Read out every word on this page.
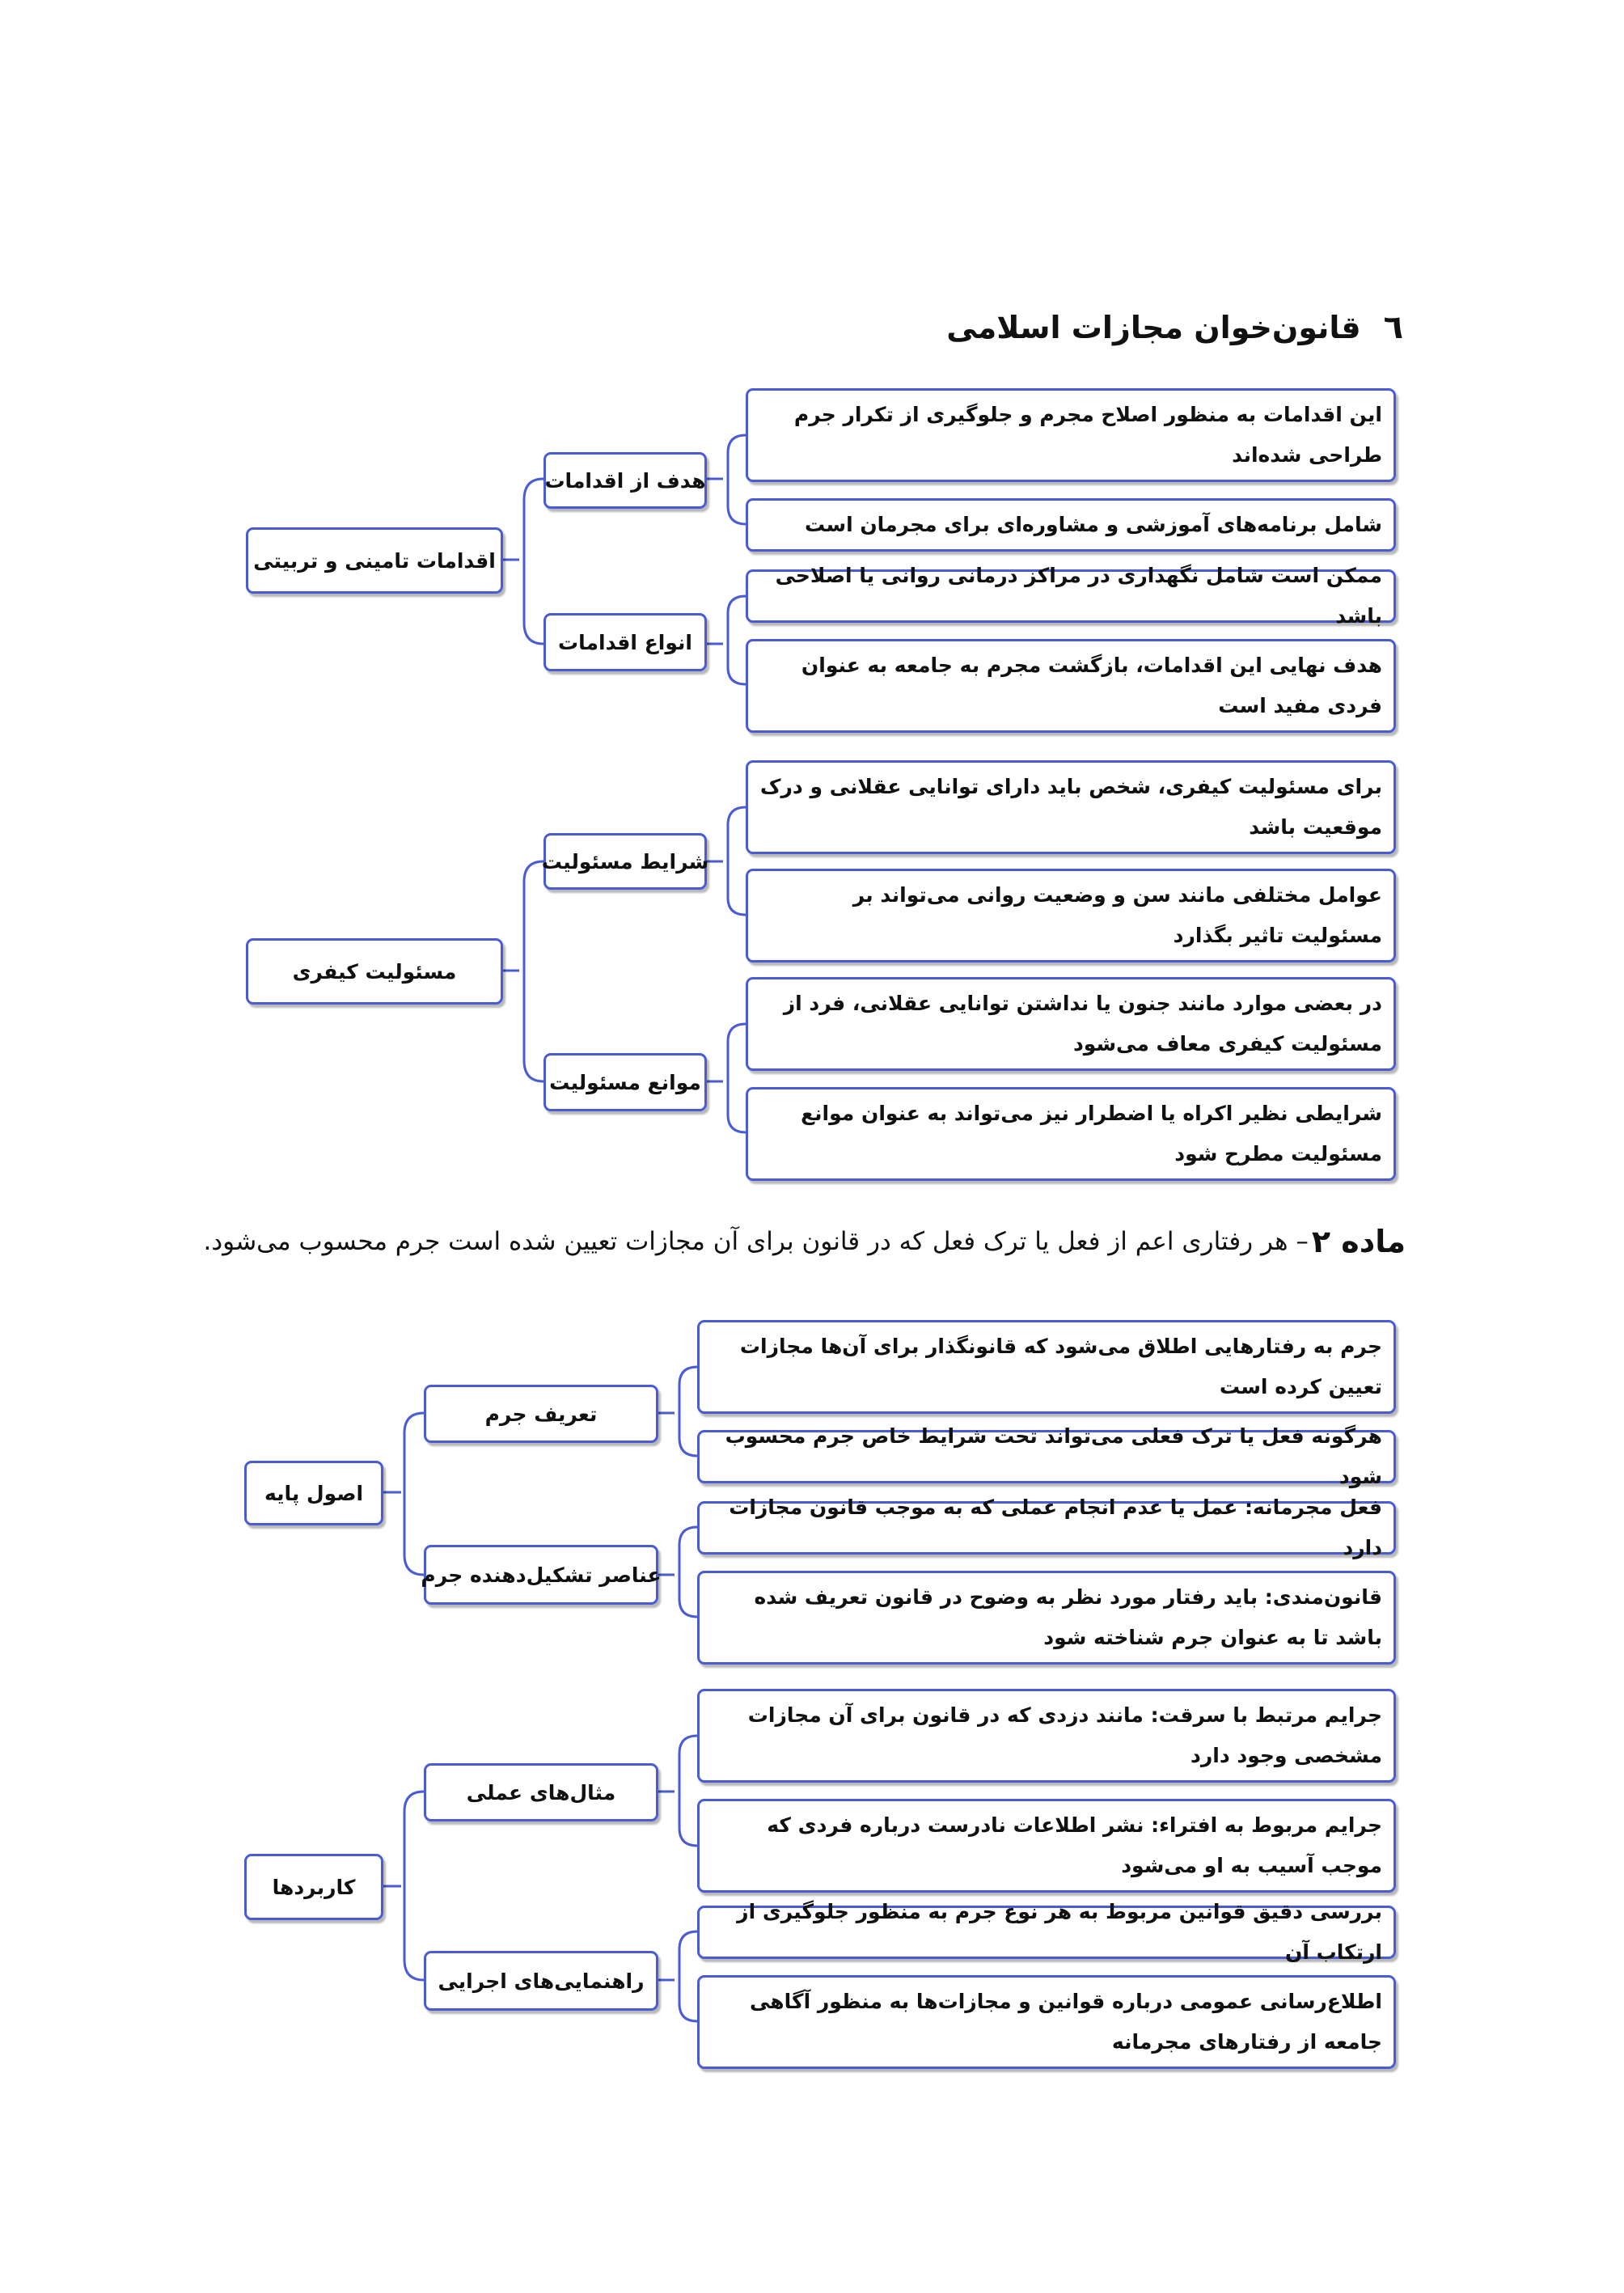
٦
قانون‌خوان مجازات اسلامی
اقدامات تامینی و تربیتی
هدف از اقدامات
انواع اقدامات
این اقدامات به منظور اصلاح مجرم و جلوگیری از تکرار جرم طراحی شده‌اند
شامل برنامه‌های آموزشی و مشاوره‌ای برای مجرمان است
ممکن است شامل نگهداری در مراکز درمانی روانی یا اصلاحی باشد
هدف نهایی این اقدامات، بازگشت مجرم به جامعه به عنوان فردی مفید است
مسئولیت کیفری
شرایط مسئولیت
موانع مسئولیت
برای مسئولیت کیفری، شخص باید دارای توانایی عقلانی و درک موقعیت باشد
عوامل مختلفی مانند سن و وضعیت روانی می‌تواند بر مسئولیت تاثیر بگذارد
در بعضی موارد مانند جنون یا نداشتن توانایی عقلانی، فرد از مسئولیت کیفری معاف می‌شود
شرایطی نظیر اکراه یا اضطرار نیز می‌تواند به عنوان موانع مسئولیت مطرح شود
ماده ۲
– هر رفتاری اعم از فعل یا ترک فعل که در قانون برای آن مجازات تعیین شده است جرم محسوب می‌شود.
اصول پایه
تعریف جرم
عناصر تشکیل‌دهنده جرم
جرم به رفتارهایی اطلاق می‌شود که قانونگذار برای آن‌ها مجازات تعیین کرده است
هرگونه فعل یا ترک فعلی می‌تواند تحت شرایط خاص جرم محسوب شود
فعل مجرمانه: عمل یا عدم انجام عملی که به موجب قانون مجازات دارد
قانون‌مندی: باید رفتار مورد نظر به وضوح در قانون تعریف شده باشد تا به عنوان جرم شناخته شود
کاربردها
مثال‌های عملی
راهنمایی‌های اجرایی
جرایم مرتبط با سرقت: مانند دزدی که در قانون برای آن مجازات مشخصی وجود دارد
جرایم مربوط به افتراء: نشر اطلاعات نادرست درباره فردی که موجب آسیب به او می‌شود
بررسی دقیق قوانین مربوط به هر نوع جرم به منظور جلوگیری از ارتکاب آن
اطلاع‌رسانی عمومی درباره قوانین و مجازات‌ها به منظور آگاهی جامعه از رفتارهای مجرمانه
